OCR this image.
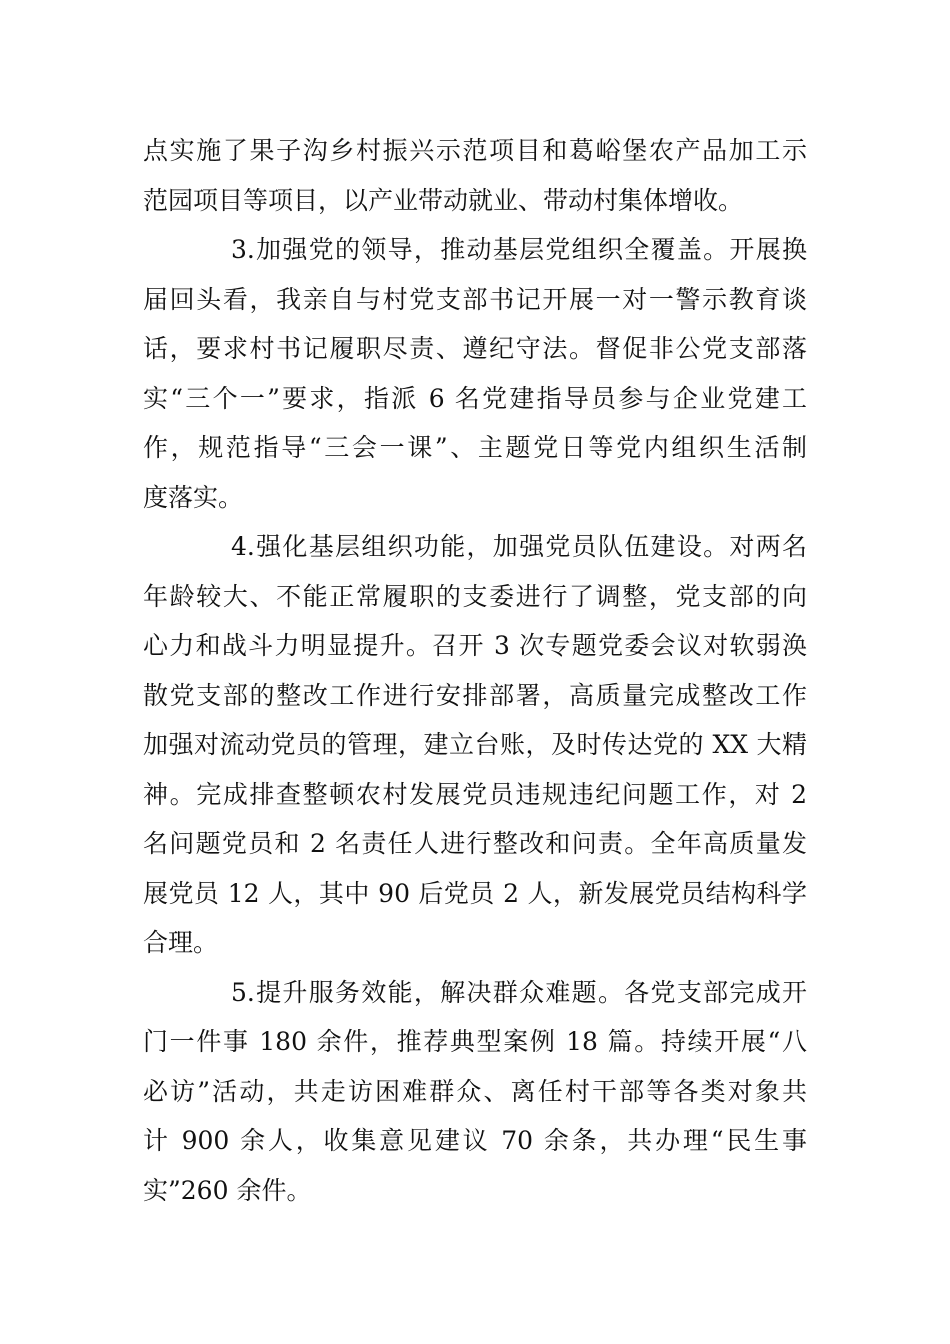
点实施了果子沟乡村振兴示范项目和葛峪堡农产品加工示
范园项目等项目，以产业带动就业、带动村集体增收。
3.加强党的领导，推动基层党组织全覆盖。开展换
届回头看，我亲自与村党支部书记开展一对一警示教育谈
话，要求村书记履职尽责、遵纪守法。督促非公党支部落
实“三个一”要求，指派 6 名党建指导员参与企业党建工
作，规范指导“三会一课”、主题党日等党内组织生活制
度落实。
4.强化基层组织功能，加强党员队伍建设。对两名
年龄较大、不能正常履职的支委进行了调整，党支部的向
心力和战斗力明显提升。召开 3 次专题党委会议对软弱涣
散党支部的整改工作进行安排部署，高质量完成整改工作
加强对流动党员的管理，建立台账，及时传达党的 XX 大精
神。完成排查整顿农村发展党员违规违纪问题工作，对 2
名问题党员和 2 名责任人进行整改和问责。全年高质量发
展党员 12 人，其中 90 后党员 2 人，新发展党员结构科学
合理。
5.提升服务效能，解决群众难题。各党支部完成开
门一件事 180 余件，推荐典型案例 18 篇。持续开展“八
必访”活动，共走访困难群众、离任村干部等各类对象共
计 900 余人，收集意见建议 70 余条，共办理“民生事
实”260 余件。
